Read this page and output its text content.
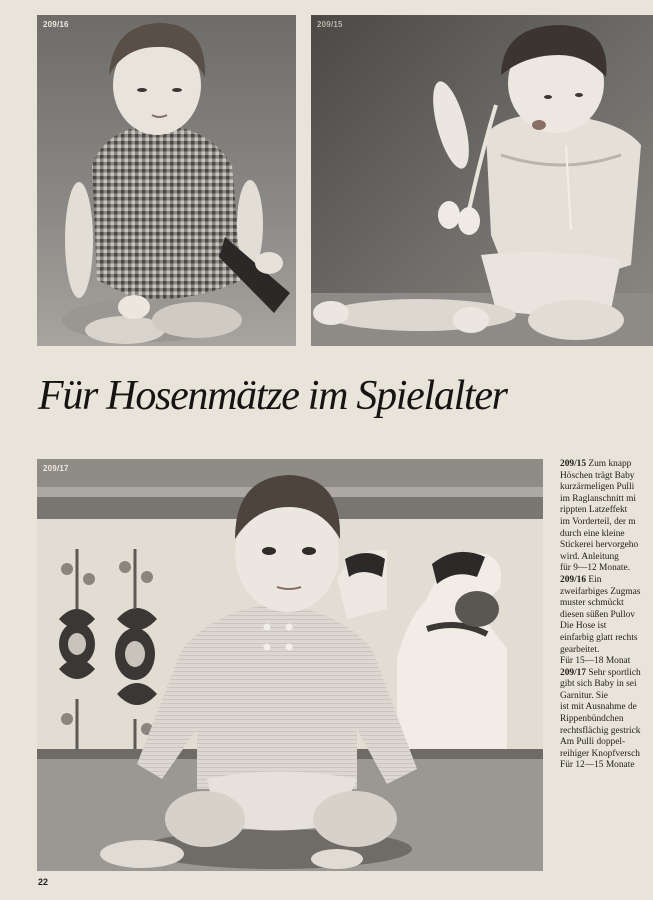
209/16	209/15
Für Hosenmätze im Spielalter
209/17	209/15 Zum knapp
Höschen trägt Baby
kurzärmeligen Pulli
im Raglanschnitt mi
rippten Latzeffekt
im Vorderteil, der m
durch eine kleine
Stickerei hervorgeho
wird. Anleitung
für 9—12 Monate.
209/16 Ein
zweifarbiges Zugmas
muster schmückt
diesen süßen Pullov
Die Hose ist
einfarbig glatt rechts
gearbeitet.
Für 15—18 Monat
209/17 Sehr sportlich
gibt sich Baby in sei
Garnitur. Sie
ist mit Ausnahme de
Rippenbündchen
rechtsflächig gestrick
Am Pulli doppel-
reihiger Knopfversch
Für 12—15 Monate
22
